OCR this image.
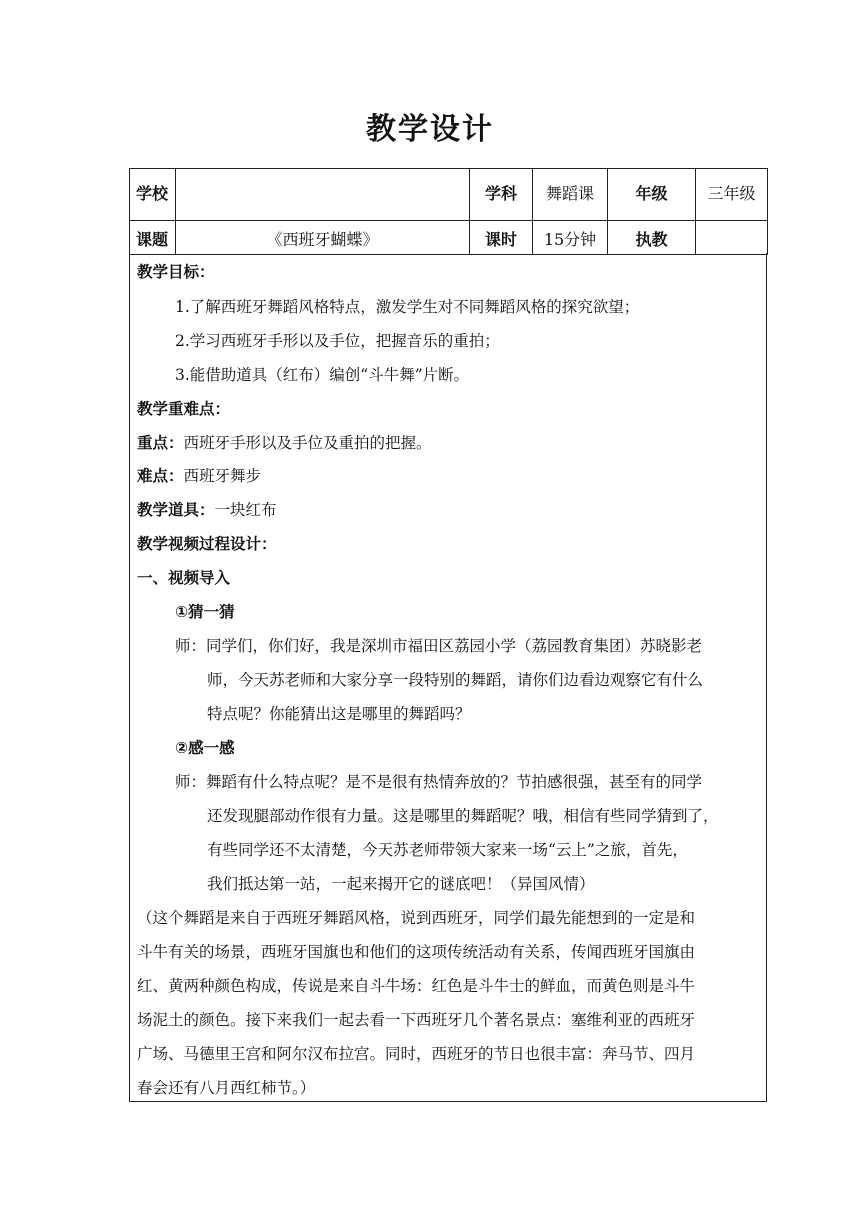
教学设计
学校		学科	舞蹈课	年级	三年级
课题	《西班牙蝴蝶》	课时	15分钟	执教	
教学目标：
1.了解西班牙舞蹈风格特点，激发学生对不同舞蹈风格的探究欲望；
2.学习西班牙手形以及手位，把握音乐的重拍；
3.能借助道具（红布）编创“斗牛舞”片断。
教学重难点：
重点：西班牙手形以及手位及重拍的把握。
难点：西班牙舞步
教学道具：一块红布
教学视频过程设计：
一、视频导入
①猜一猜
师：同学们，你们好，我是深圳市福田区荔园小学（荔园教育集团）苏晓影老
师，今天苏老师和大家分享一段特别的舞蹈，请你们边看边观察它有什么
特点呢？你能猜出这是哪里的舞蹈吗？
②感一感
师：舞蹈有什么特点呢？是不是很有热情奔放的？节拍感很强，甚至有的同学
还发现腿部动作很有力量。这是哪里的舞蹈呢？哦，相信有些同学猜到了，
有些同学还不太清楚，今天苏老师带领大家来一场“云上”之旅，首先，
我们抵达第一站，一起来揭开它的谜底吧！（异国风情）
（这个舞蹈是来自于西班牙舞蹈风格，说到西班牙，同学们最先能想到的一定是和
斗牛有关的场景，西班牙国旗也和他们的这项传统活动有关系，传闻西班牙国旗由
红、黄两种颜色构成，传说是来自斗牛场：红色是斗牛士的鲜血，而黄色则是斗牛
场泥土的颜色。接下来我们一起去看一下西班牙几个著名景点：塞维利亚的西班牙
广场、马德里王宫和阿尔汉布拉宫。同时，西班牙的节日也很丰富：奔马节、四月
春会还有八月西红柿节。）
